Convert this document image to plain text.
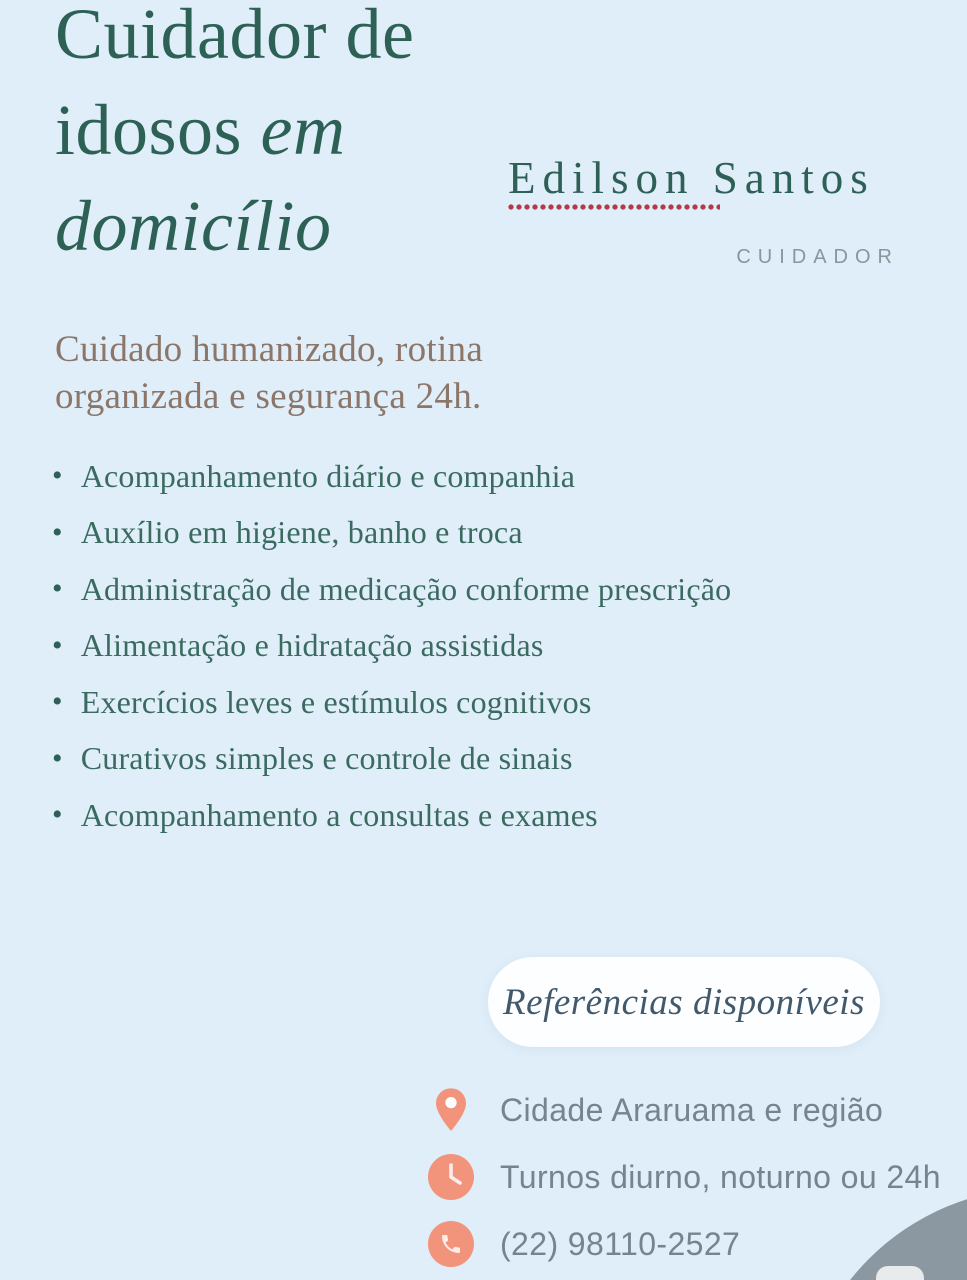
Cuidador de
idosos em
domicílio
Edilson Santos
CUIDADOR
Cuidado humanizado, rotina
organizada e segurança 24h.
• Acompanhamento diário e companhia
• Auxílio em higiene, banho e troca
• Administração de medicação conforme prescrição
• Alimentação e hidratação assistidas
• Exercícios leves e estímulos cognitivos
• Curativos simples e controle de sinais
• Acompanhamento a consultas e exames
Referências disponíveis
Cidade Araruama e região
Turnos diurno, noturno ou 24h
(22) 98110-2527
